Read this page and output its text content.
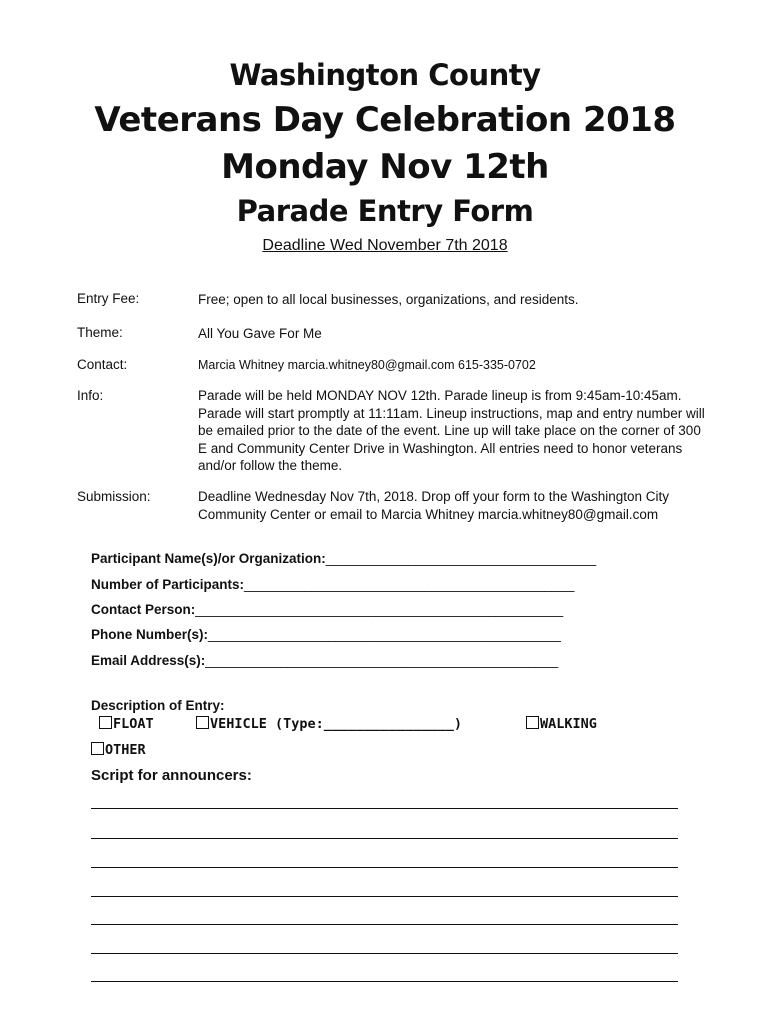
Washington County
Veterans Day Celebration 2018
Monday Nov 12th
Parade Entry Form
Deadline Wed November 7th 2018
Entry Fee:	Free; open to all local businesses, organizations, and residents.
Theme:	All You Gave For Me
Contact:	Marcia Whitney marcia.whitney80@gmail.com 615-335-0702
Info:	Parade will be held MONDAY NOV 12th. Parade lineup is from 9:45am-10:45am. Parade will start promptly at 11:11am. Lineup instructions, map and entry number will be emailed prior to the date of the event. Line up will take place on the corner of 300 E and Community Center Drive in Washington. All entries need to honor veterans and/or follow the theme.
Submission:	Deadline Wednesday Nov 7th, 2018. Drop off your form to the Washington City Community Center or email to Marcia Whitney marcia.whitney80@gmail.com
Participant Name(s)/or Organization:____________________________________
Number of Participants:____________________________________________
Contact Person:_________________________________________________
Phone Number(s):_______________________________________________
Email Address(s):_______________________________________________
Description of Entry:
FLOAT	VEHICLE (Type:________________)	WALKING
OTHER
Script for announcers:
